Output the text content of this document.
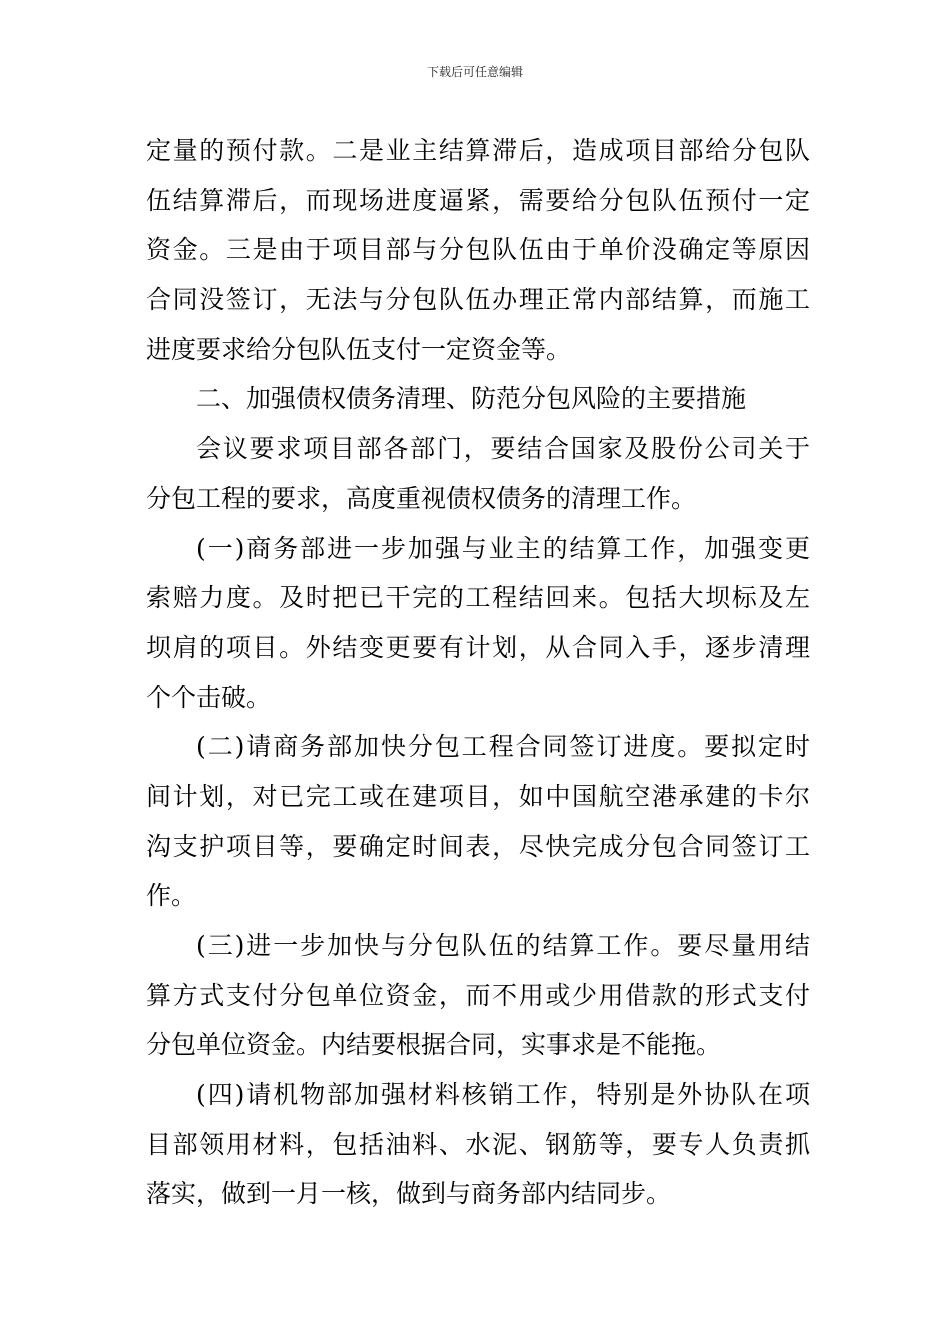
下载后可任意编辑
定量的预付款。二是业主结算滞后，造成项目部给分包队
伍结算滞后，而现场进度逼紧，需要给分包队伍预付一定
资金。三是由于项目部与分包队伍由于单价没确定等原因
合同没签订，无法与分包队伍办理正常内部结算，而施工
进度要求给分包队伍支付一定资金等。
二、加强债权债务清理、防范分包风险的主要措施
会议要求项目部各部门，要结合国家及股份公司关于
分包工程的要求，高度重视债权债务的清理工作。
(一)商务部进一步加强与业主的结算工作，加强变更
索赔力度。及时把已干完的工程结回来。包括大坝标及左
坝肩的项目。外结变更要有计划，从合同入手，逐步清理
个个击破。
(二)请商务部加快分包工程合同签订进度。要拟定时
间计划，对已完工或在建项目，如中国航空港承建的卡尔
沟支护项目等，要确定时间表，尽快完成分包合同签订工
作。
(三)进一步加快与分包队伍的结算工作。要尽量用结
算方式支付分包单位资金，而不用或少用借款的形式支付
分包单位资金。内结要根据合同，实事求是不能拖。
(四)请机物部加强材料核销工作，特别是外协队在项
目部领用材料，包括油料、水泥、钢筋等，要专人负责抓
落实，做到一月一核，做到与商务部内结同步。
